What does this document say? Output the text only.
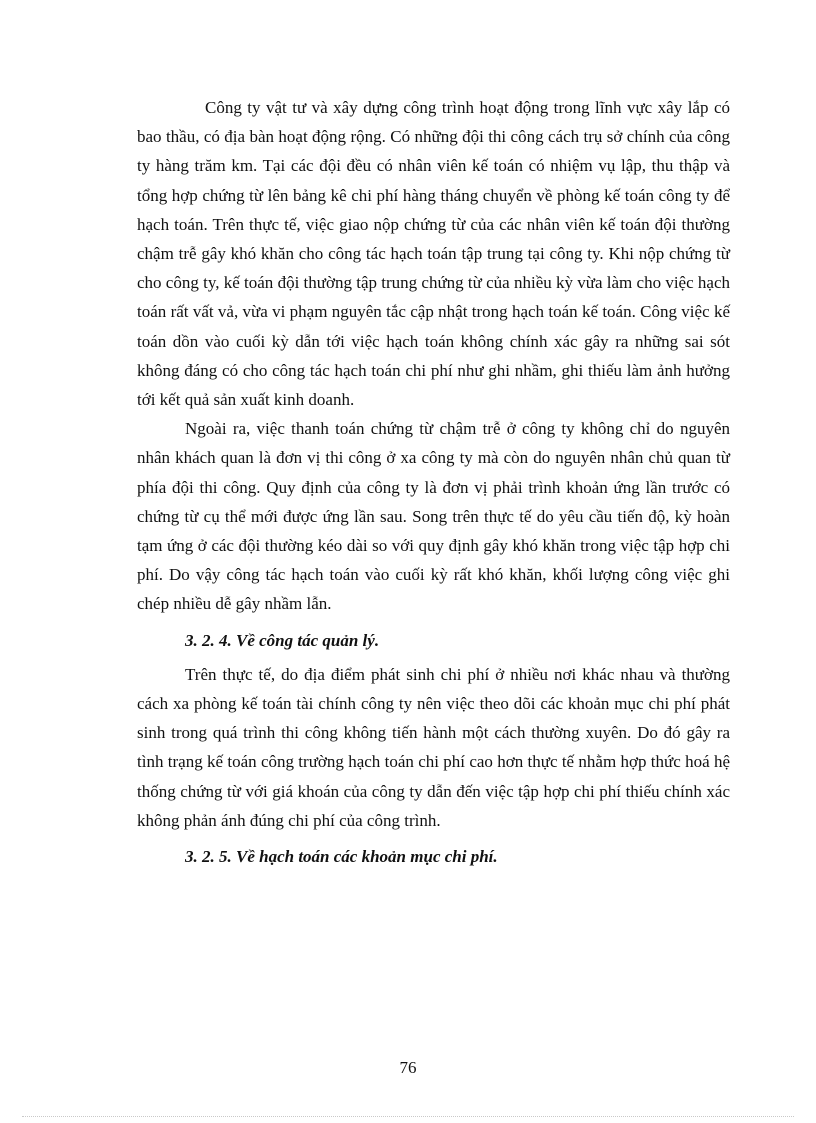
Công ty vật tư và xây dựng công trình hoạt động trong lĩnh vực xây lắp có bao thầu, có địa bàn hoạt động rộng. Có những đội thi công cách trụ sở chính của công ty hàng trăm km. Tại các đội đều có nhân viên kế toán có nhiệm vụ lập, thu thập và tổng hợp chứng từ lên bảng kê chi phí hàng tháng chuyển về phòng kế toán công ty để hạch toán. Trên thực tế, việc giao nộp chứng từ của các nhân viên kế toán đội thường chậm trễ gây khó khăn cho công tác hạch toán tập trung tại công ty. Khi nộp chứng từ cho công ty, kế toán đội thường tập trung chứng từ của nhiều kỳ vừa làm cho việc hạch toán rất vất vả, vừa vi phạm nguyên tắc cập nhật trong hạch toán kế toán. Công việc kế toán dồn vào cuối kỳ dẫn tới việc hạch toán không chính xác gây ra những sai sót không đáng có cho công tác hạch toán chi phí như ghi nhầm, ghi thiếu làm ảnh hưởng tới kết quả sản xuất kinh doanh.

Ngoài ra, việc thanh toán chứng từ chậm trễ ở công ty không chỉ do nguyên nhân khách quan là đơn vị thi công ở xa công ty mà còn do nguyên nhân chủ quan từ phía đội thi công. Quy định của công ty là đơn vị phải trình khoản ứng lần trước có chứng từ cụ thể mới được ứng lần sau. Song trên thực tế do yêu cầu tiến độ, kỳ hoàn tạm ứng ở các đội thường kéo dài so với quy định gây khó khăn trong việc tập hợp chi phí. Do vậy công tác hạch toán vào cuối kỳ rất khó khăn, khối lượng công việc ghi chép nhiều dễ gây nhầm lẫn.

3. 2. 4. Về công tác quản lý.

Trên thực tế, do địa điểm phát sinh chi phí ở nhiều nơi khác nhau và thường cách xa phòng kế toán tài chính công ty nên việc theo dõi các khoản mục chi phí phát sinh trong quá trình thi công không tiến hành một cách thường xuyên. Do đó gây ra tình trạng kế toán công trường hạch toán chi phí cao hơn thực tế nhằm hợp thức hoá hệ thống chứng từ với giá khoán của công ty dẫn đến việc tập hợp chi phí thiếu chính xác không phản ánh đúng chi phí của công trình.

3. 2. 5. Về hạch toán các khoản mục chi phí.

76
